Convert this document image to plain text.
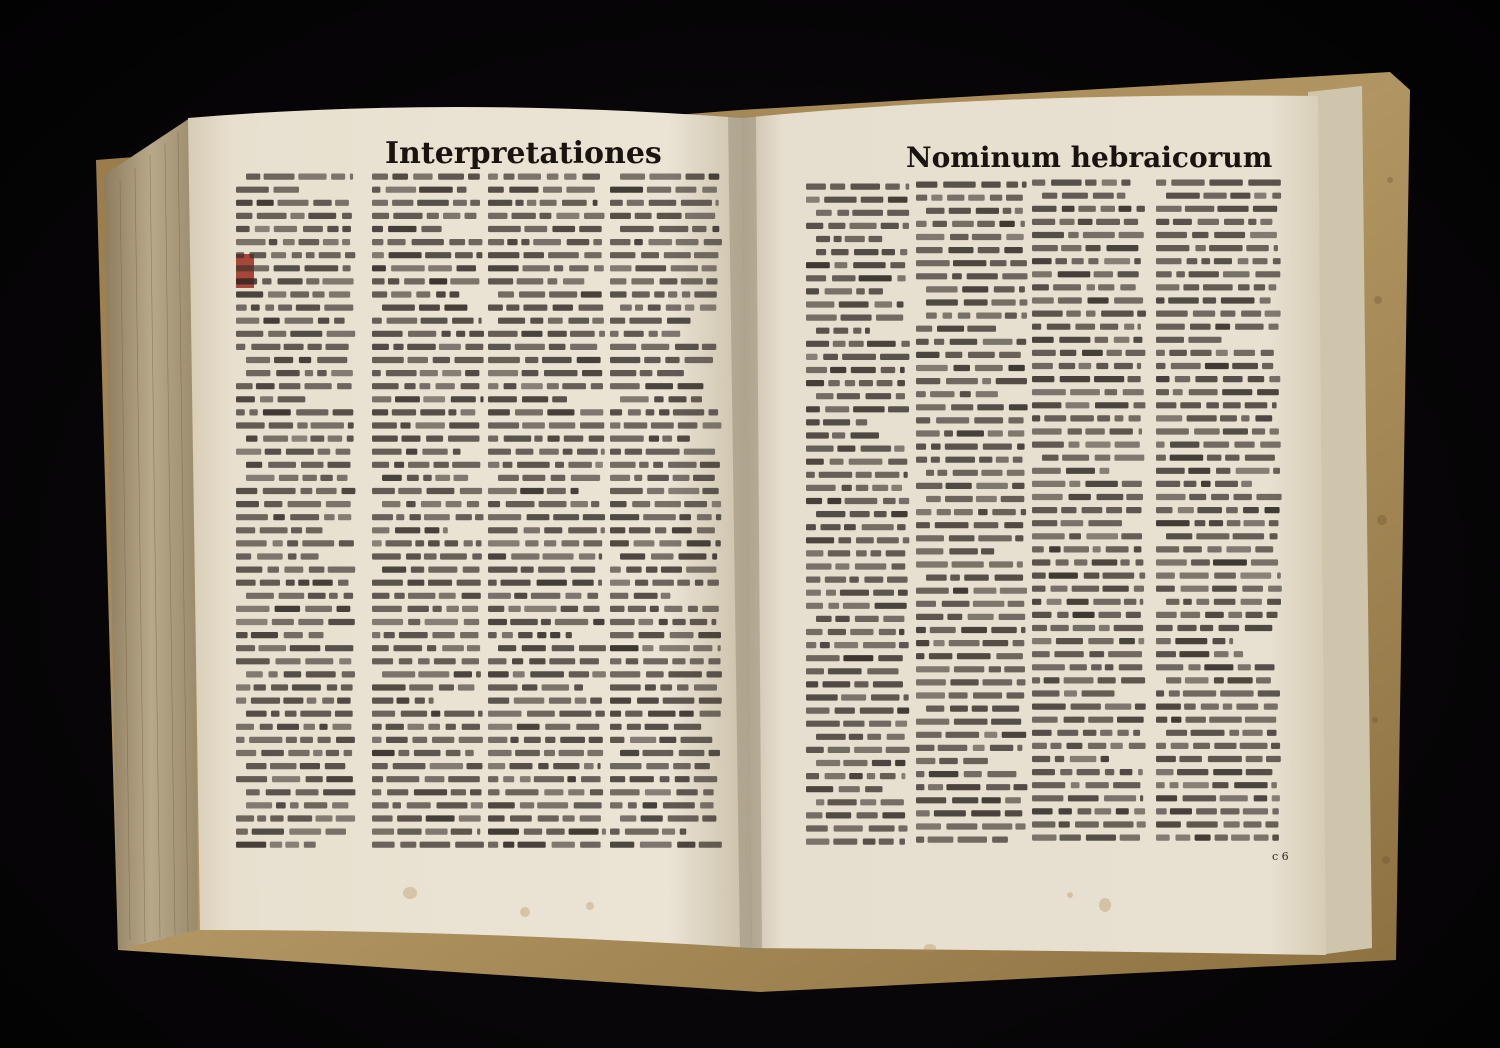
Interpretationes	Nominum hebraicorum
c 6
